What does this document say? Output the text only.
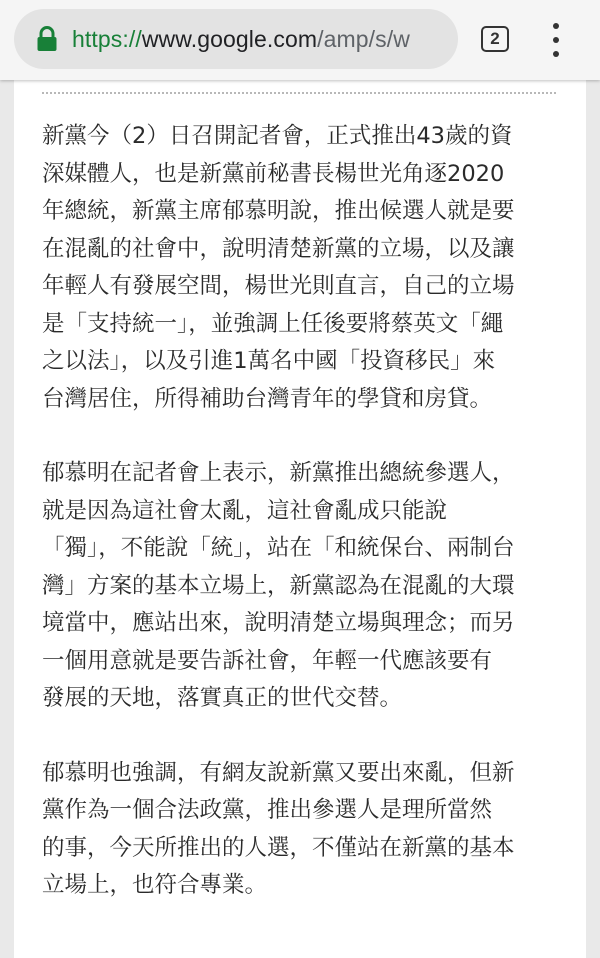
https://www.google.com/amp/s/w	2

新黨今（2）日召開記者會，正式推出43歲的資
深媒體人，也是新黨前秘書長楊世光角逐2020
年總統，新黨主席郁慕明說，推出候選人就是要
在混亂的社會中，說明清楚新黨的立場，以及讓
年輕人有發展空間，楊世光則直言，自己的立場
是「支持統一」，並強調上任後要將蔡英文「繩
之以法」，以及引進1萬名中國「投資移民」來
台灣居住，所得補助台灣青年的學貸和房貸。

郁慕明在記者會上表示，新黨推出總統參選人，
就是因為這社會太亂，這社會亂成只能說
「獨」，不能說「統」，站在「和統保台、兩制台
灣」方案的基本立場上，新黨認為在混亂的大環
境當中，應站出來，說明清楚立場與理念；而另
一個用意就是要告訴社會，年輕一代應該要有
發展的天地，落實真正的世代交替。

郁慕明也強調，有網友說新黨又要出來亂，但新
黨作為一個合法政黨，推出參選人是理所當然
的事，今天所推出的人選，不僅站在新黨的基本
立場上，也符合專業。
